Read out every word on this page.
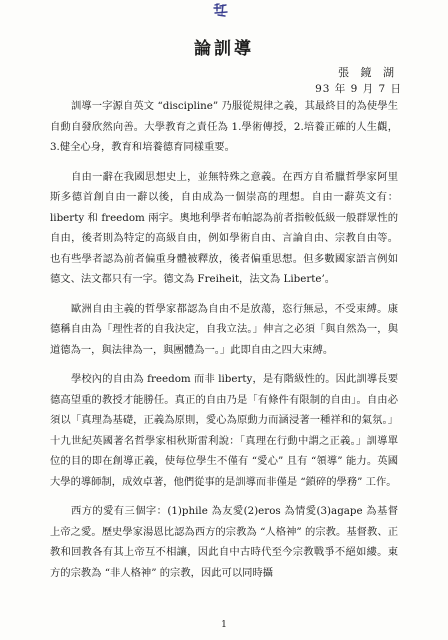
論訓導
張 鏡 湖
93 年 9 月 7 日

訓導一字源自英文 “discipline” 乃服從規律之義，其最終目的為使學生自動自發欣然向善。大學教育之責任為 1.學術傳授，2.培養正確的人生觀，3.健全心身，教育和培養德育同樣重要。

自由一辭在我國思想史上，並無特殊之意義。在西方自希臘哲學家阿里斯多德首創自由一辭以後，自由成為一個崇高的理想。自由一辭英文有：liberty 和 freedom 兩字。奧地利學者布帕認為前者指較低級一般群眾性的自由，後者則為特定的高級自由，例如學術自由、言論自由、宗教自由等。也有些學者認為前者偏重身體被釋放，後者偏重思想。但多數國家語言例如德文、法文都只有一字。德文為 Freiheit，法文為 Liberte’。

歐洲自由主義的哲學家都認為自由不是放蕩，恣行無忌，不受束縛。康德稱自由為「理性者的自我決定，自我立法。」伸言之必須「與自然為一，與道德為一，與法律為一，與團體為一。」此即自由之四大束縛。

學校內的自由為 freedom 而非 liberty，是有階級性的。因此訓導長要德高望重的教授才能勝任。真正的自由乃是「有條件有限制的自由」。自由必須以「真理為基礎，正義為原則，愛心為原動力而涵浸著一種祥和的氣氛。」十九世紀英國著名哲學家相秋斯雷利說：「真理在行動中謂之正義。」訓導單位的目的即在創導正義，使每位學生不僅有 “愛心” 且有 “領導” 能力。英國大學的導師制，成效卓著，他們從事的是訓導而非僅是 “鎖碎的學務” 工作。

西方的愛有三個字：(1)phile 為友愛(2)eros 為情愛(3)agape 為基督上帝之愛。歷史學家湯恩比認為西方的宗教為 “人格神” 的宗教。基督教、正教和回教各有其上帝互不相讓，因此自中古時代至今宗教戰爭不絕如縷。東方的宗教為 “非人格神” 的宗教，因此可以同時攝

1
